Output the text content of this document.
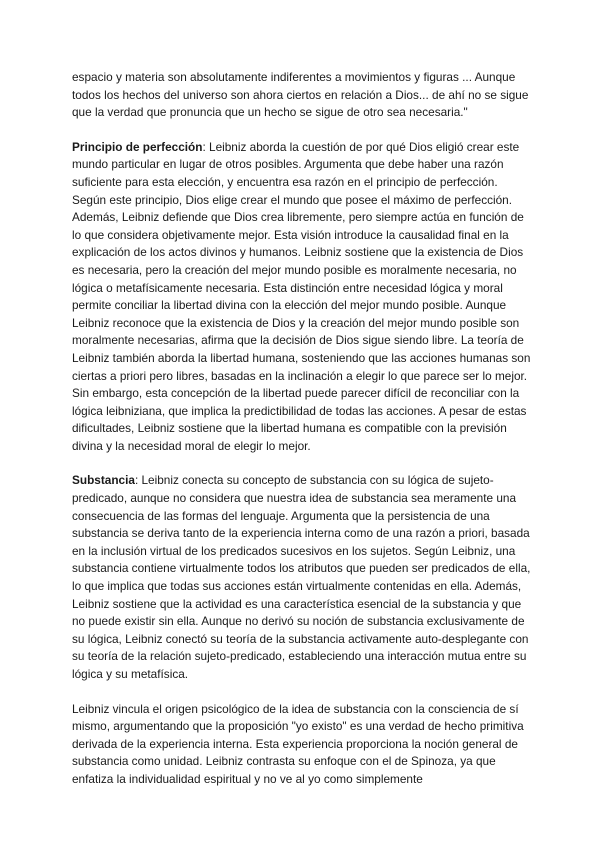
espacio y materia son absolutamente indiferentes a movimientos y figuras ... Aunque todos los hechos del universo son ahora ciertos en relación a Dios... de ahí no se sigue que la verdad que pronuncia que un hecho se sigue de otro sea necesaria."

Principio de perfección: Leibniz aborda la cuestión de por qué Dios eligió crear este mundo particular en lugar de otros posibles. Argumenta que debe haber una razón suficiente para esta elección, y encuentra esa razón en el principio de perfección. Según este principio, Dios elige crear el mundo que posee el máximo de perfección. Además, Leibniz defiende que Dios crea libremente, pero siempre actúa en función de lo que considera objetivamente mejor. Esta visión introduce la causalidad final en la explicación de los actos divinos y humanos. Leibniz sostiene que la existencia de Dios es necesaria, pero la creación del mejor mundo posible es moralmente necesaria, no lógica o metafísicamente necesaria. Esta distinción entre necesidad lógica y moral permite conciliar la libertad divina con la elección del mejor mundo posible. Aunque Leibniz reconoce que la existencia de Dios y la creación del mejor mundo posible son moralmente necesarias, afirma que la decisión de Dios sigue siendo libre. La teoría de Leibniz también aborda la libertad humana, sosteniendo que las acciones humanas son ciertas a priori pero libres, basadas en la inclinación a elegir lo que parece ser lo mejor. Sin embargo, esta concepción de la libertad puede parecer difícil de reconciliar con la lógica leibniziana, que implica la predictibilidad de todas las acciones. A pesar de estas dificultades, Leibniz sostiene que la libertad humana es compatible con la previsión divina y la necesidad moral de elegir lo mejor.

Substancia: Leibniz conecta su concepto de substancia con su lógica de sujeto-predicado, aunque no considera que nuestra idea de substancia sea meramente una consecuencia de las formas del lenguaje. Argumenta que la persistencia de una substancia se deriva tanto de la experiencia interna como de una razón a priori, basada en la inclusión virtual de los predicados sucesivos en los sujetos. Según Leibniz, una substancia contiene virtualmente todos los atributos que pueden ser predicados de ella, lo que implica que todas sus acciones están virtualmente contenidas en ella. Además, Leibniz sostiene que la actividad es una característica esencial de la substancia y que no puede existir sin ella. Aunque no derivó su noción de substancia exclusivamente de su lógica, Leibniz conectó su teoría de la substancia activamente auto-desplegante con su teoría de la relación sujeto-predicado, estableciendo una interacción mutua entre su lógica y su metafísica.

Leibniz vincula el origen psicológico de la idea de substancia con la consciencia de sí mismo, argumentando que la proposición "yo existo" es una verdad de hecho primitiva derivada de la experiencia interna. Esta experiencia proporciona la noción general de substancia como unidad. Leibniz contrasta su enfoque con el de Spinoza, ya que enfatiza la individualidad espiritual y no ve al yo como simplemente
